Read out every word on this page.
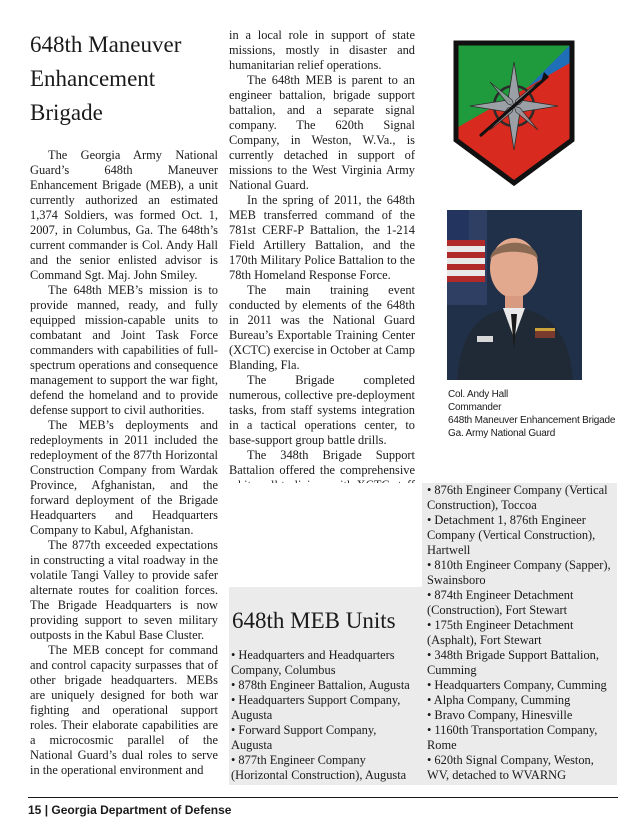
648th Maneuver
Enhancement
Brigade

The Georgia Army National Guard’s 648th Maneuver Enhancement Brigade (MEB), a unit currently authorized an estimated 1,374 Soldiers, was formed Oct. 1, 2007, in Columbus, Ga. The 648th’s current commander is Col. Andy Hall and the senior enlisted advisor is Command Sgt. Maj. John Smiley.

The 648th MEB’s mission is to provide manned, ready, and fully equipped mission-capable units to combatant and Joint Task Force commanders with capabilities of full-spectrum operations and consequence management to support the war fight, defend the homeland and to provide defense support to civil authorities.

The MEB’s deployments and redeployments in 2011 included the redeployment of the 877th Horizontal Construction Company from Wardak Province, Afghanistan, and the forward deployment of the Brigade Headquarters and Headquarters Company to Kabul, Afghanistan.

The 877th exceeded expectations in constructing a vital roadway in the volatile Tangi Valley to provide safer alternate routes for coalition forces. The Brigade Headquarters is now providing support to seven military outposts in the Kabul Base Cluster.

The MEB concept for command and control capacity surpasses that of other brigade headquarters. MEBs are uniquely designed for both war fighting and operational support roles. Their elaborate capabilities are a microcosmic parallel of the National Guard’s dual roles to serve in the operational environment and

in a local role in support of state missions, mostly in disaster and humanitarian relief operations.

The 648th MEB is parent to an engineer battalion, brigade support battalion, and a separate signal company. The 620th Signal Company, in Weston, W.Va., is currently detached in support of missions to the West Virginia Army National Guard.

In the spring of 2011, the 648th MEB transferred command of the 781st CERF-P Battalion, the 1-214 Field Artillery Battalion, and the 170th Military Police Battalion to the 78th Homeland Response Force.

The main training event conducted by elements of the 648th in 2011 was the National Guard Bureau’s Exportable Training Center (XCTC) exercise in October at Camp Blanding, Fla.

The Brigade completed numerous, collective pre-deployment tasks, from staff systems integration in a tactical operations center, to base-support group battle drills.

The 348th Brigade Support Battalion offered the comprehensive

648th MEB Units
• Headquarters and Headquarters Company, Columbus
• 878th Engineer Battalion, Augusta
• Headquarters Support Company, Augusta
• Forward Support Company, Augusta
• 877th Engineer Company (Horizontal Construction), Augusta
• 876th Engineer Company (Vertical Construction), Toccoa
• Detachment 1, 876th Engineer Company (Vertical Construction), Hartwell
• 810th Engineer Company (Sapper), Swainsboro
• 874th Engineer Detachment (Construction), Fort Stewart
• 175th Engineer Detachment (Asphalt), Fort Stewart
• 348th Brigade Support Battalion, Cumming
• Headquarters Company, Cumming
• Alpha Company, Cumming
• Bravo Company, Hinesville
• 1160th Transportation Company, Rome
• 620th Signal Company, Weston, WV, detached to WVARNG
Col. Andy Hall
Commander
648th Maneuver Enhancement Brigade
Ga. Army National Guard
15 | Georgia Department of Defense
